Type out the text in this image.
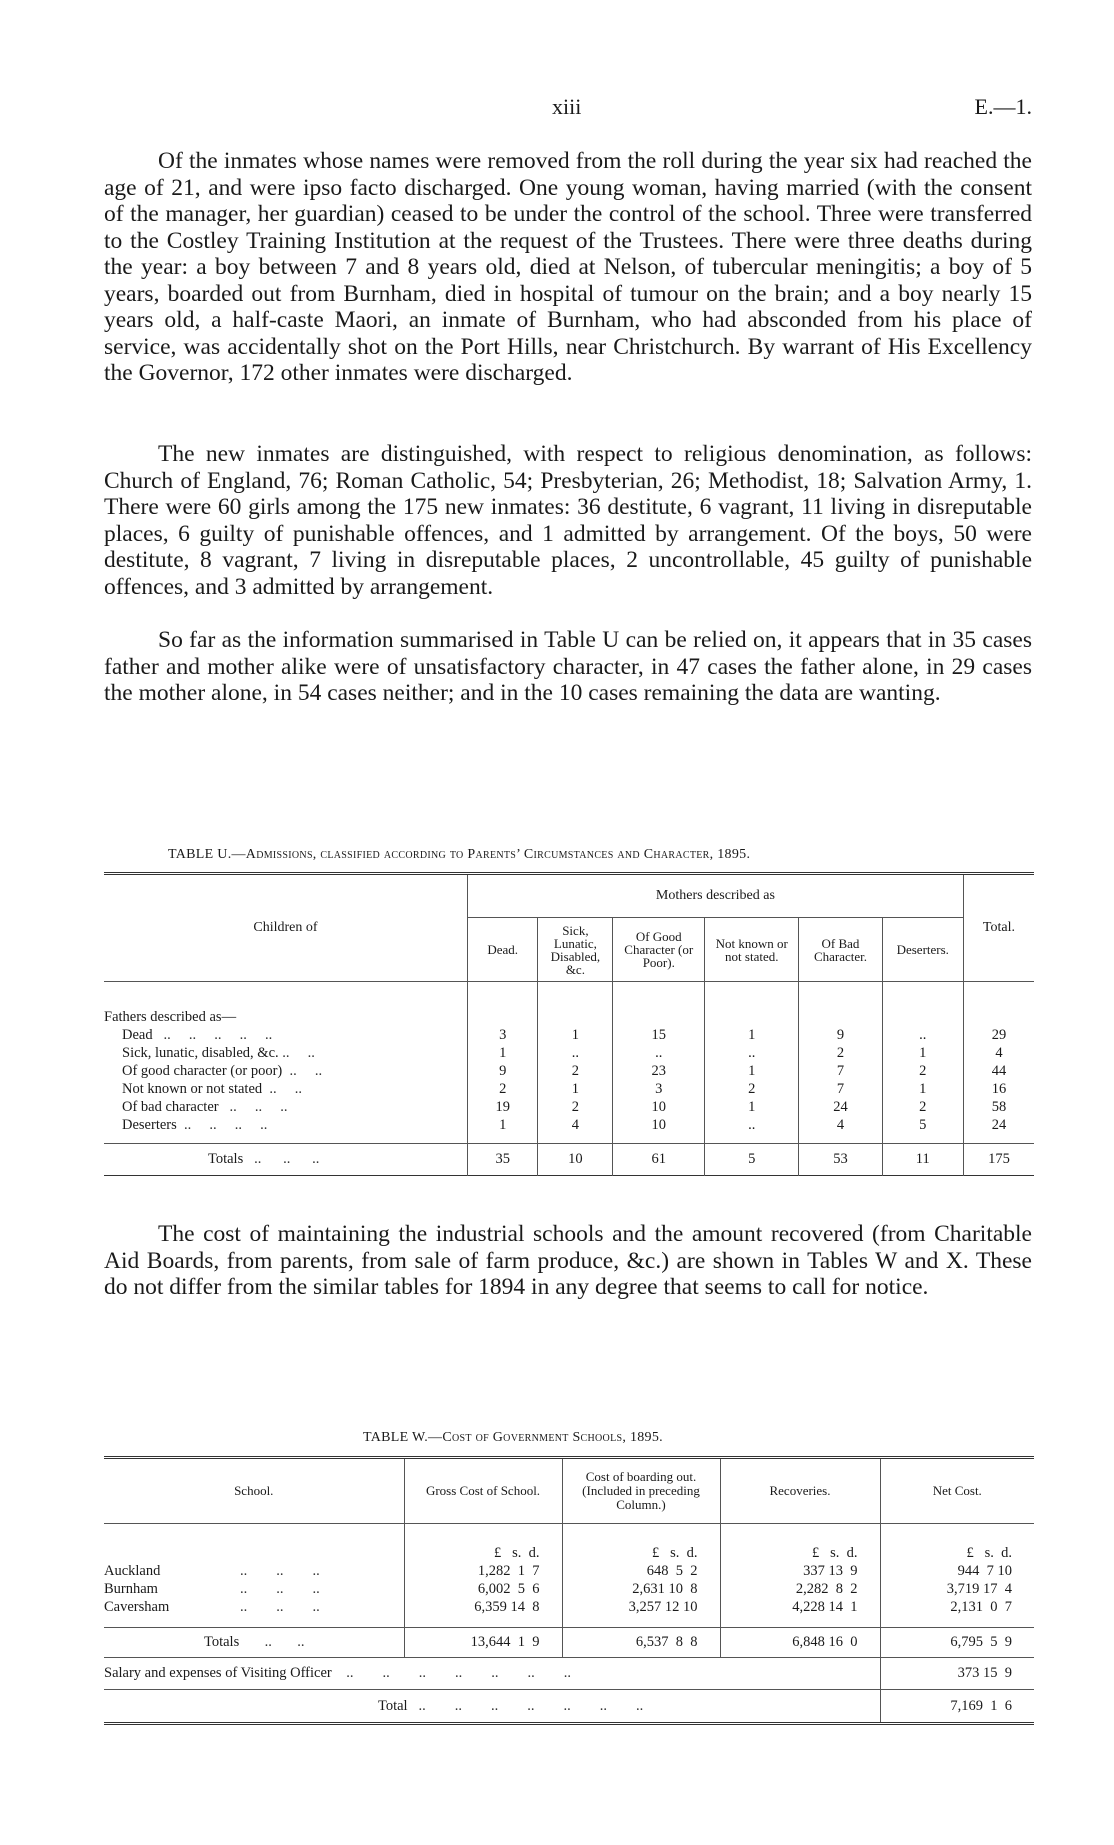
xiii	E.—1.

Of the inmates whose names were removed from the roll during the year six had reached the age of 21, and were ipso facto discharged. One young woman, having married (with the consent of the manager, her guardian) ceased to be under the control of the school. Three were transferred to the Costley Training Institution at the request of the Trustees. There were three deaths during the year: a boy between 7 and 8 years old, died at Nelson, of tubercular meningitis; a boy of 5 years, boarded out from Burnham, died in hospital of tumour on the brain; and a boy nearly 15 years old, a half-caste Maori, an inmate of Burnham, who had absconded from his place of service, was accidentally shot on the Port Hills, near Christchurch. By warrant of His Excellency the Governor, 172 other inmates were discharged.

The new inmates are distinguished, with respect to religious denomination, as follows: Church of England, 76; Roman Catholic, 54; Presbyterian, 26; Methodist, 18; Salvation Army, 1. There were 60 girls among the 175 new inmates: 36 destitute, 6 vagrant, 11 living in disreputable places, 6 guilty of punishable offences, and 1 admitted by arrangement. Of the boys, 50 were destitute, 8 vagrant, 7 living in disreputable places, 2 uncontrollable, 45 guilty of punishable offences, and 3 admitted by arrangement.

So far as the information summarised in Table U can be relied on, it appears that in 35 cases father and mother alike were of unsatisfactory character, in 47 cases the father alone, in 29 cases the mother alone, in 54 cases neither; and in the 10 cases remaining the data are wanting.

TABLE U.—Admissions, classified according to Parents’ Circumstances and Character, 1895.
Children of	Mothers described as						Total.
	Dead.	Sick, Lunatic, Disabled, &c.	Of Good Character (or Poor).	Not known or not stated.	Of Bad Character.	Deserters.	

Fathers described as—							
Dead   ..     ..     ..     ..     ..	3	1	15	1	9	..	29
Sick, lunatic, disabled, &c. ..     ..	1	..	..	..	2	1	4
Of good character (or poor)  ..     ..	9	2	23	1	7	2	44
Not known or not stated  ..     ..	2	1	3	2	7	1	16
Of bad character   ..     ..     ..	19	2	10	1	24	2	58
Deserters  ..     ..     ..     ..	1	4	10	..	4	5	24

Totals   ..      ..      ..	35	10	61	5	53	11	175

The cost of maintaining the industrial schools and the amount recovered (from Charitable Aid Boards, from parents, from sale of farm produce, &c.) are shown in Tables W and X. These do not differ from the similar tables for 1894 in any degree that seems to call for notice.

TABLE W.—Cost of Government Schools, 1895.
School.	Gross Cost of School.	Cost of boarding out. (Included in preceding Column.)	Recoveries.	Net Cost.

	£   s.  d.	£   s.  d.	£   s.  d.	£   s.  d.
Auckland ..        ..        ..	1,282  1  7	648  5  2	337 13  9	944  7 10
Burnham ..        ..        ..	6,002  5  6	2,631 10  8	2,282  8  2	3,719 17  4
Caversham ..        ..        ..	6,359 14  8	3,257 12 10	4,228 14  1	2,131  0  7

Totals       ..       ..	13,644  1  9	6,537  8  8	6,848 16  0	6,795  5  9
Salary and expenses of Visiting Officer    ..        ..        ..        ..        ..        ..        ..				373 15  9
Total   ..        ..        ..        ..        ..        ..        ..				7,169  1  6
